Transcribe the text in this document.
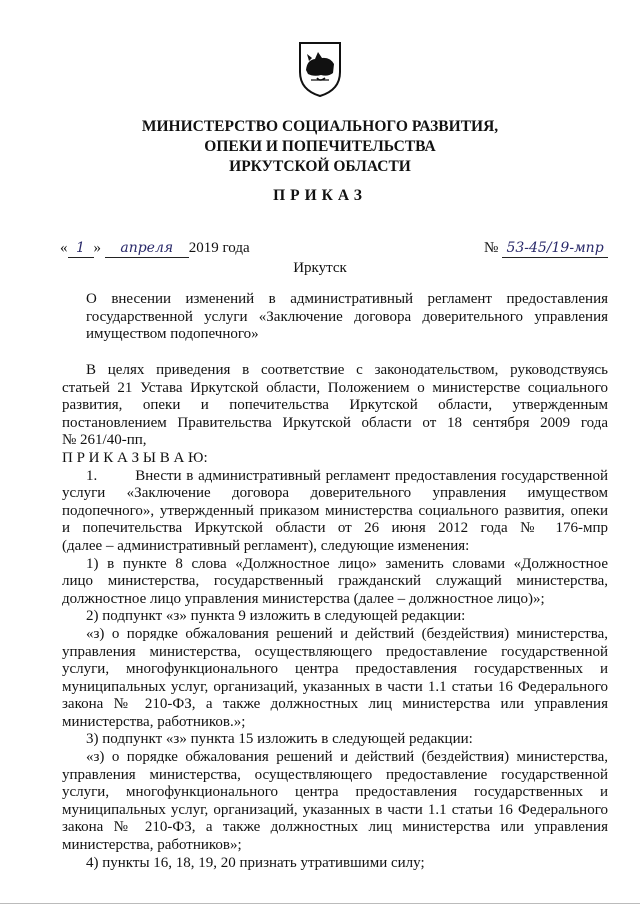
МИНИСТЕРСТВО СОЦИАЛЬНОГО РАЗВИТИЯ,
ОПЕКИ И ПОПЕЧИТЕЛЬСТВА
ИРКУТСКОЙ ОБЛАСТИ
ПРИКАЗ
« 1 » апреля 2019 года	№ 53-45/19-мпр
Иркутск
О внесении изменений в административный регламент предоставления
государственной услуги «Заключение договора доверительного управления
имуществом подопечного»
В целях приведения в соответствие с законодательством, руководствуясь
статьей 21 Устава Иркутской области, Положением о министерстве социального
развития, опеки и попечительства Иркутской области, утвержденным
постановлением Правительства Иркутской области от 18 сентября 2009 года
№ 261/40-пп,
П Р И К А З Ы В А Ю:
1.	Внести в административный регламент предоставления государственной
услуги «Заключение договора доверительного управления имуществом
подопечного», утвержденный приказом министерства социального развития, опеки
и попечительства Иркутской области от 26 июня 2012 года № 176-мпр
(далее – административный регламент), следующие изменения:
1) в пункте 8 слова «Должностное лицо» заменить словами «Должностное
лицо министерства, государственный гражданский служащий министерства,
должностное лицо управления министерства (далее – должностное лицо)»;
2) подпункт «з» пункта 9 изложить в следующей редакции:
«з) о порядке обжалования решений и действий (бездействия) министерства,
управления министерства, осуществляющего предоставление государственной
услуги, многофункционального центра предоставления государственных и
муниципальных услуг, организаций, указанных в части 1.1 статьи 16 Федерального
закона № 210-ФЗ, а также должностных лиц министерства или управления
министерства, работников.»;
3) подпункт «з» пункта 15 изложить в следующей редакции:
«з) о порядке обжалования решений и действий (бездействия) министерства,
управления министерства, осуществляющего предоставление государственной
услуги, многофункционального центра предоставления государственных и
муниципальных услуг, организаций, указанных в части 1.1 статьи 16 Федерального
закона № 210-ФЗ, а также должностных лиц министерства или управления
министерства, работников»;
4) пункты 16, 18, 19, 20 признать утратившими силу;
